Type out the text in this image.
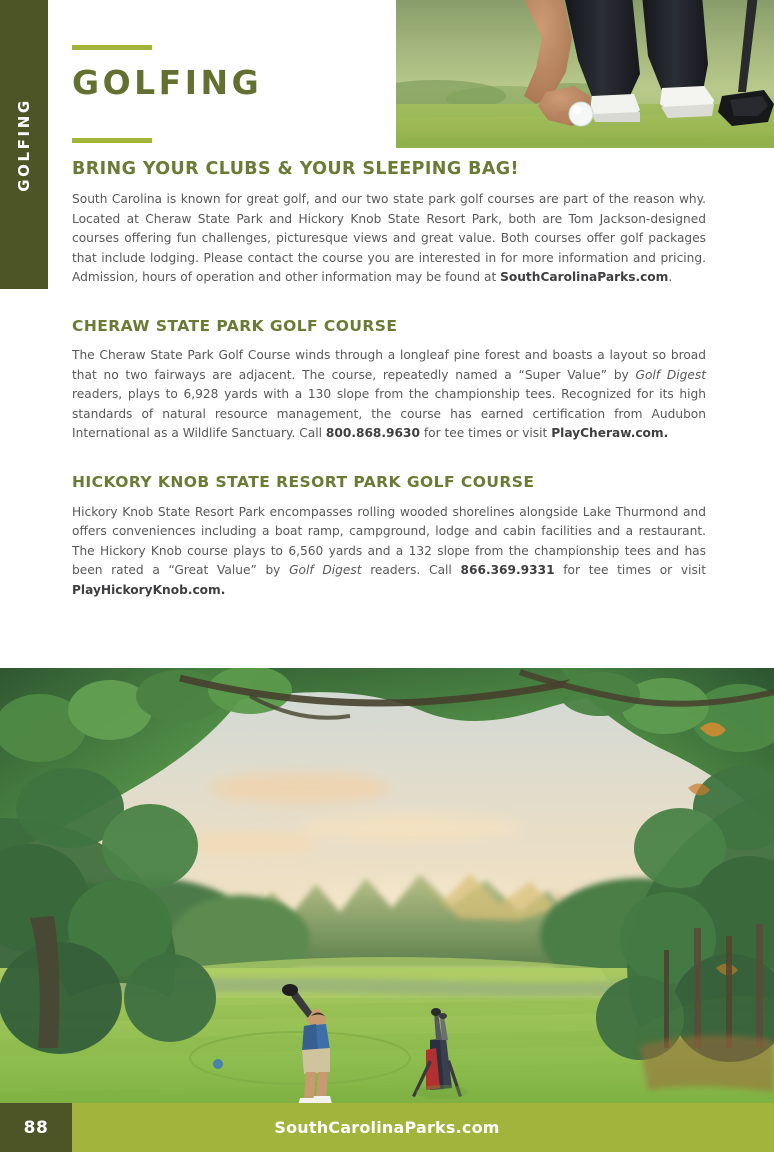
GOLFING
GOLFING
BRING YOUR CLUBS & YOUR SLEEPING BAG!

South Carolina is known for great golf, and our two state park golf courses are part of the reason why. Located at Cheraw State Park and Hickory Knob State Resort Park, both are Tom Jackson-designed courses offering fun challenges, picturesque views and great value. Both courses offer golf packages that include lodging. Please contact the course you are interested in for more information and pricing. Admission, hours of operation and other information may be found at SouthCarolinaParks.com.

CHERAW STATE PARK GOLF COURSE

The Cheraw State Park Golf Course winds through a longleaf pine forest and boasts a layout so broad that no two fairways are adjacent. The course, repeatedly named a “Super Value” by Golf Digest readers, plays to 6,928 yards with a 130 slope from the championship tees. Recognized for its high standards of natural resource management, the course has earned certification from Audubon International as a Wildlife Sanctuary. Call 800.868.9630 for tee times or visit PlayCheraw.com.

HICKORY KNOB STATE RESORT PARK GOLF COURSE

Hickory Knob State Resort Park encompasses rolling wooded shorelines alongside Lake Thurmond and offers conveniences including a boat ramp, campground, lodge and cabin facilities and a restaurant. The Hickory Knob course plays to 6,560 yards and a 132 slope from the championship tees and has been rated a “Great Value” by Golf Digest readers. Call 866.369.9331 for tee times or visit PlayHickoryKnob.com.

SouthCarolinaParks.com
88
